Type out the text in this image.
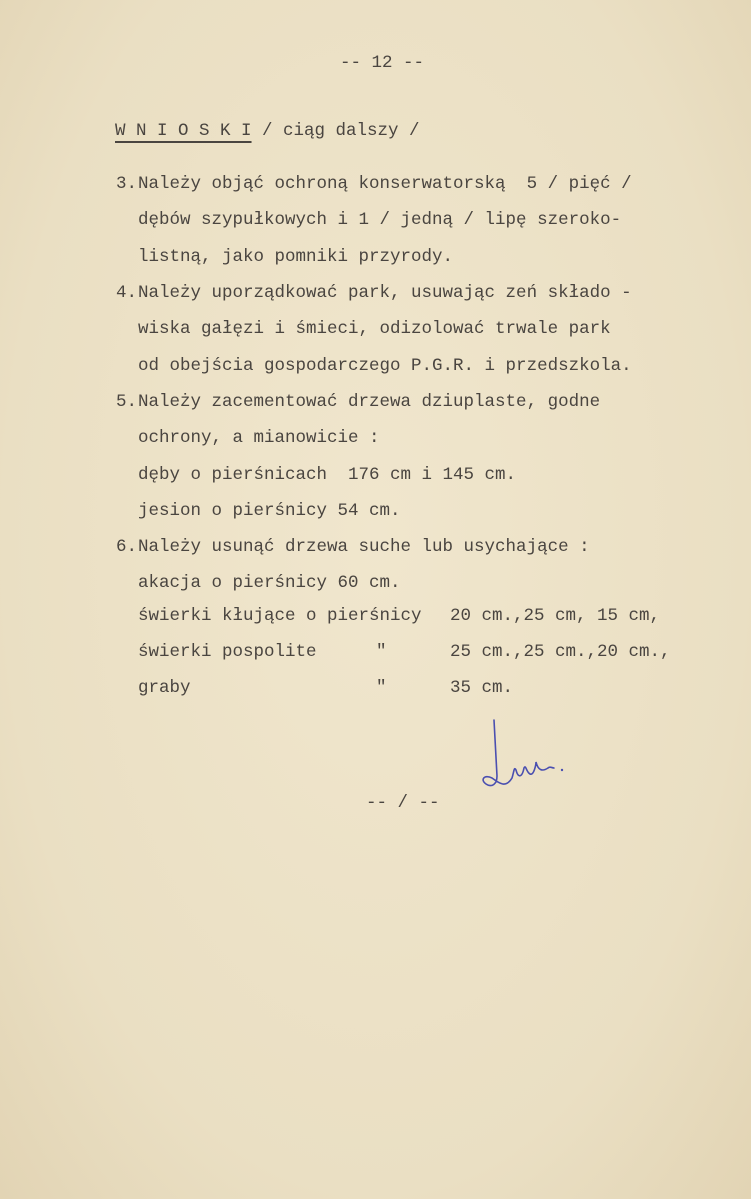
-- 12 --
W N I O S K I / ciąg dalszy /
3. Należy objąć ochroną konserwatorską  5 / pięć /
dębów szypułkowych i 1 / jedną / lipę szeroko-
listną, jako pomniki przyrody.
4. Należy uporządkować park, usuwając zeń składo -
wiska gałęzi i śmieci, odizolować trwale park
od obejścia gospodarczego P.G.R. i przedszkola.
5. Należy zacementować drzewa dziuplaste, godne
ochrony, a mianowicie :
dęby o pierśnicach  176 cm i 145 cm.
jesion o pierśnicy 54 cm.
6. Należy usunąć drzewa suche lub usychające :
akacja o pierśnicy 60 cm.
świerki kłujące o pierśnicy 20 cm.,25 cm, 15 cm,
świerki pospolite	"	25 cm.,25 cm.,20 cm.,
graby	"	35 cm.
-- / --
